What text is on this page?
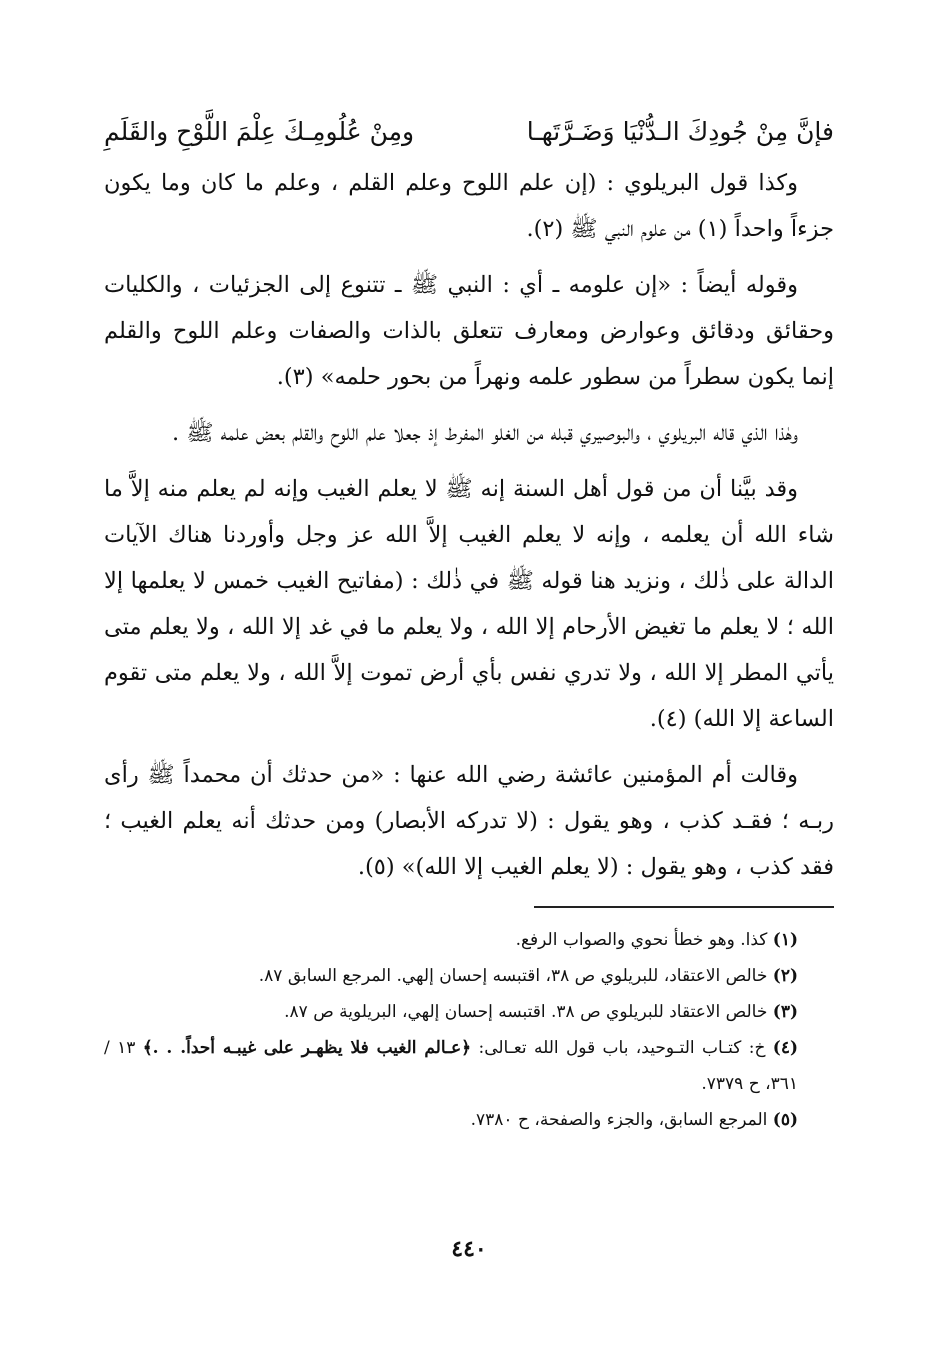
فإنَّ مِنْ جُودِكَ الـدُّنْيَا وَضَـرَّتَهـا
ومِنْ عُلُومِـكَ عِلْمَ اللَّوْحِ والقَلَمِ

وكذا قول البريلوي : (إن علم اللوح وعلم القلم ، وعلم ما كان وما يكون جزءاً واحداً (١) من علوم النبي ﷺ (٢).

وقوله أيضاً : «إن علومه ـ أي : النبي ﷺ ـ تتنوع إلى الجزئيات ، والكليات وحقائق ودقائق وعوارض ومعارف تتعلق بالذات والصفات وعلم اللوح والقلم إنما يكون سطراً من سطور علمه ونهراً من بحور حلمه» (٣).

وهٰذا الذي قاله البريلوي ، والبوصيري قبله من الغلو المفرط إذ جعلا علم اللوح والقلم بعض علمه ﷺ .

وقد بيَّنا أن من قول أهل السنة إنه ﷺ لا يعلم الغيب وإنه لم يعلم منه إلاَّ ما شاء الله أن يعلمه ، وإنه لا يعلم الغيب إلاَّ الله عز وجل وأوردنا هناك الآيات الدالة على ذٰلك ، ونزيد هنا قوله ﷺ في ذٰلك : (مفاتيح الغيب خمس لا يعلمها إلا الله ؛ لا يعلم ما تغيض الأرحام إلا الله ، ولا يعلم ما في غد إلا الله ، ولا يعلم متى يأتي المطر إلا الله ، ولا تدري نفس بأي أرض تموت إلاَّ الله ، ولا يعلم متى تقوم الساعة إلا الله) (٤).

وقالت أم المؤمنين عائشة رضي الله عنها : «من حدثك أن محمداً ﷺ رأى ربـه ؛ فقـد كذب ، وهو يقول : (لا تدركه الأبصار) ومن حدثك أنه يعلم الغيب ؛ فقد كذب ، وهو يقول : (لا يعلم الغيب إلا الله)» (٥).

(١) كذا. وهو خطأ نحوي والصواب الرفع.

(٢) خالص الاعتقاد، للبريلوي ص ٣٨، اقتبسه إحسان إلهي. المرجع السابق ٨٧.

(٣) خالص الاعتقاد للبريلوي ص ٣٨. اقتبسه إحسان إلهي، البريلوية ص ٨٧.

(٤) خ: كتـاب التـوحيد، باب قول الله تعـالى: ﴿عـالم الغيب فلا يظهـر على غيبـه أحداً. . .﴾ ١٣ / ٣٦١، ح ٧٣٧٩.

(٥) المرجع السابق، والجزء والصفحة، ح ٧٣٨٠.

٤٤٠
